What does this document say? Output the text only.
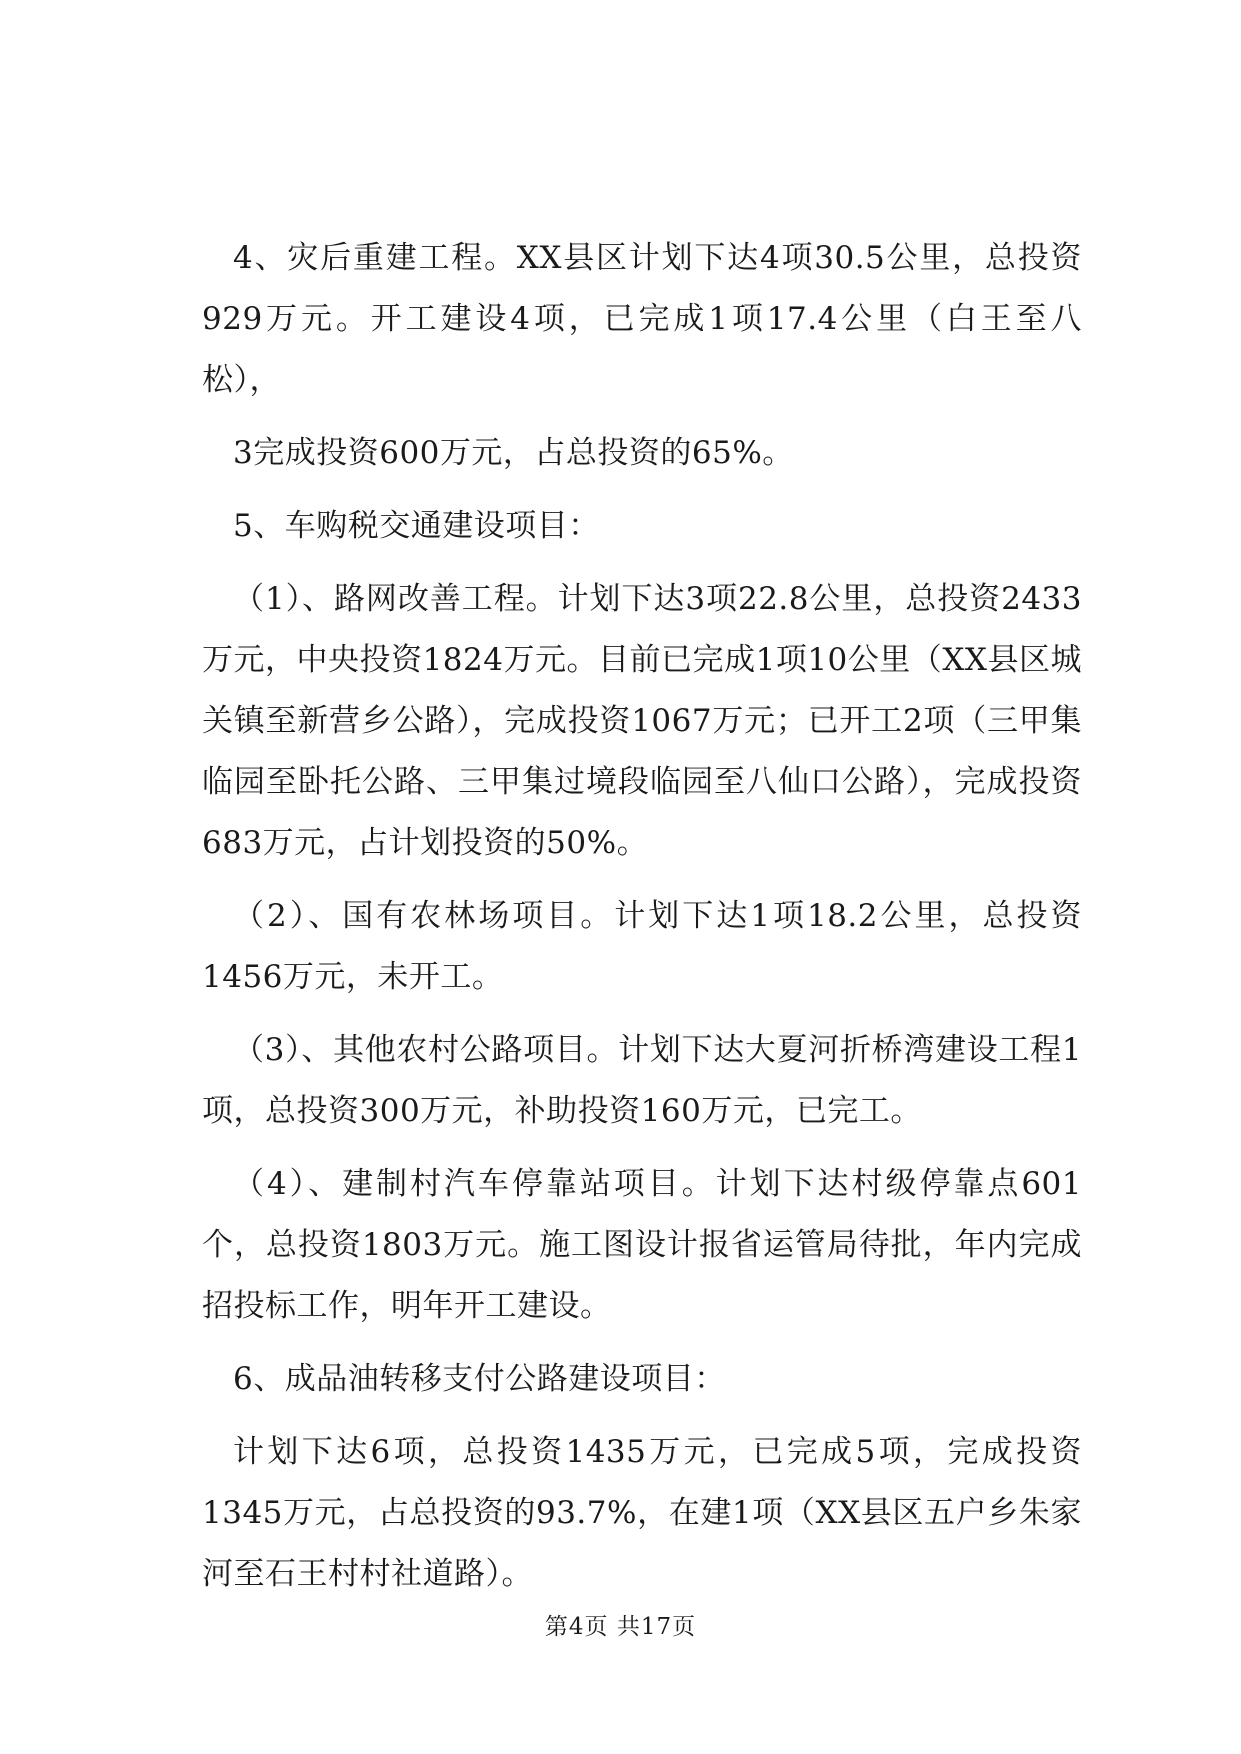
4、灾后重建工程。XX县区计划下达4项30.5公里，总投资929万元。开工建设4项，已完成1项17.4公里（白王至八松），

3完成投资600万元，占总投资的65%。

5、车购税交通建设项目：

（1）、路网改善工程。计划下达3项22.8公里，总投资2433万元，中央投资1824万元。目前已完成1项10公里（XX县区城关镇至新营乡公路），完成投资1067万元；已开工2项（三甲集临园至卧托公路、三甲集过境段临园至八仙口公路），完成投资683万元，占计划投资的50%。

（2）、国有农林场项目。计划下达1项18.2公里，总投资1456万元，未开工。

（3）、其他农村公路项目。计划下达大夏河折桥湾建设工程1项，总投资300万元，补助投资160万元，已完工。

（4）、建制村汽车停靠站项目。计划下达村级停靠点601个，总投资1803万元。施工图设计报省运管局待批，年内完成招投标工作，明年开工建设。

6、成品油转移支付公路建设项目：

计划下达6项，总投资1435万元，已完成5项，完成投资1345万元，占总投资的93.7%，在建1项（XX县区五户乡朱家河至石王村村社道路）。

第4页 共17页
